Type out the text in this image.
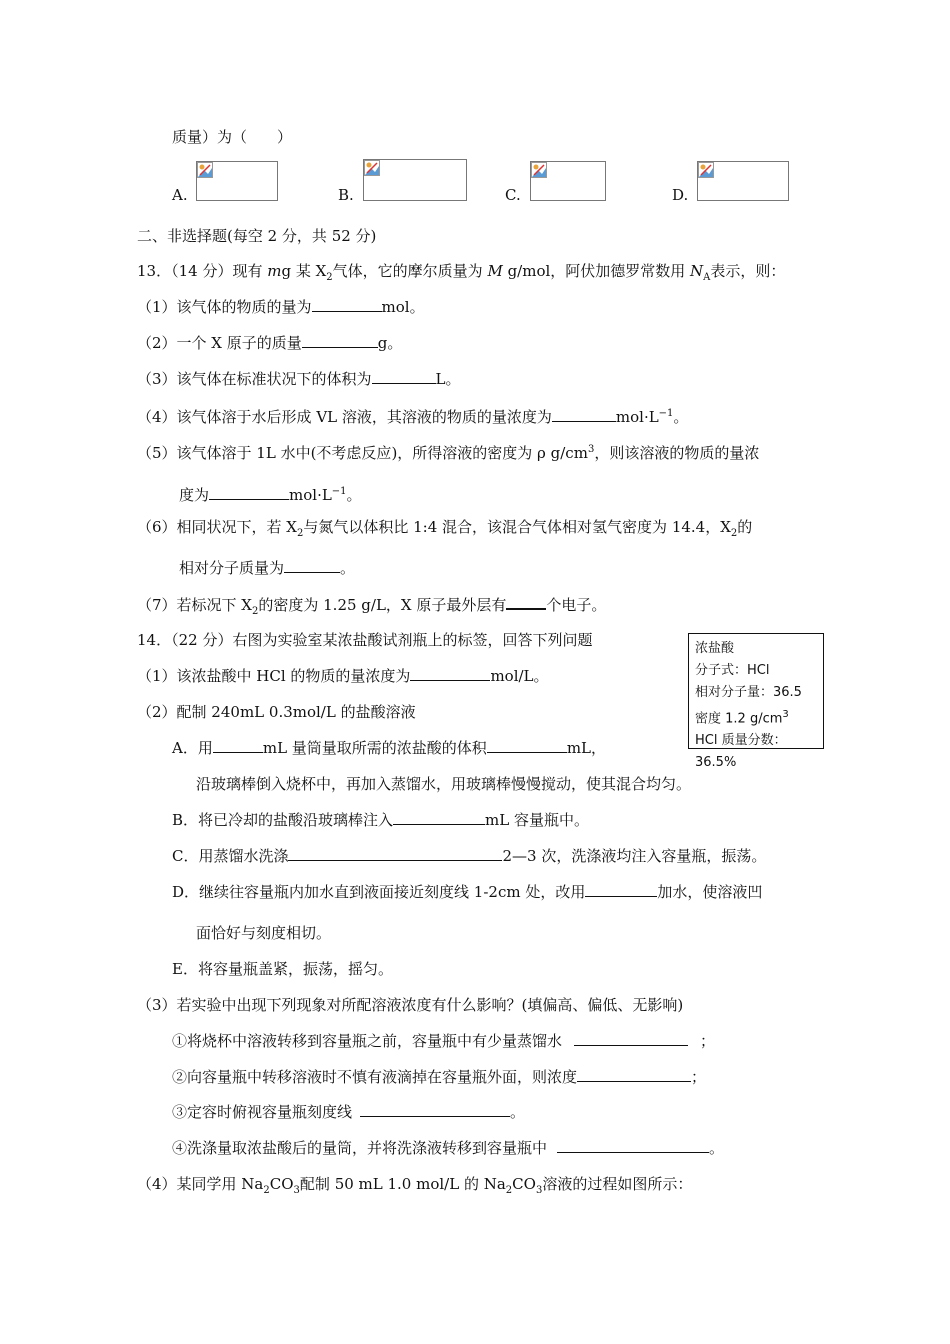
质量）为（　　）
A.	B.	C.	D.
二、非选择题(每空 2 分，共 52 分)
13．（14 分）现有 mg 某 $X_2$气体，它的摩尔质量为 M g/mol，阿伏加德罗常数用 $N_A$表示，则：
（1）该气体的物质的量为	mol。
（2）一个 X 原子的质量	g。
（3）该气体在标准状况下的体积为	L。
（4）该气体溶于水后形成 VL 溶液，其溶液的物质的量浓度为	$mol\cdot L^{-1}$。
（5）该气体溶于 1L 水中(不考虑反应)，所得溶液的密度为 ρ $g/cm^3$，则该溶液的物质的量浓
度为	$mol\cdot L^{-1}$。
（6）相同状况下，若 $X_2$与氮气以体积比 1:4 混合，该混合气体相对氢气密度为 14.4，$X_2$的
相对分子质量为	。
（7）若标况下 $X_2$的密度为 1.25 g/L，X 原子最外层有	个电子。
14．（22 分）右图为实验室某浓盐酸试剂瓶上的标签，回答下列问题	浓盐酸
分子式：HCl
相对分子量：36.5
密度 1.2 $g/cm^3$
HCl 质量分数：36.5%
（1）该浓盐酸中 HCl 的物质的量浓度为	mol/L。
（2）配制 240mL 0.3mol/L 的盐酸溶液
A．用	mL 量筒量取所需的浓盐酸的体积	mL，
沿玻璃棒倒入烧杯中，再加入蒸馏水，用玻璃棒慢慢搅动，使其混合均匀。
B．将已冷却的盐酸沿玻璃棒注入	mL 容量瓶中。
C．用蒸馏水洗涤	2—3 次，洗涤液均注入容量瓶，振荡。
D．继续往容量瓶内加水直到液面接近刻度线 1-2cm 处，改用	加水，使溶液凹
面恰好与刻度相切。
E．将容量瓶盖紧，振荡，摇匀。
（3）若实验中出现下列现象对所配溶液浓度有什么影响？(填偏高、偏低、无影响)
①将烧杯中溶液转移到容量瓶之前，容量瓶中有少量蒸馏水	；
②向容量瓶中转移溶液时不慎有液滴掉在容量瓶外面，则浓度	；
③定容时俯视容量瓶刻度线	。
④洗涤量取浓盐酸后的量筒，并将洗涤液转移到容量瓶中	。
（4）某同学用 $Na_2CO_3$配制 50 mL 1.0 mol/L 的 $Na_2CO_3$溶液的过程如图所示：
